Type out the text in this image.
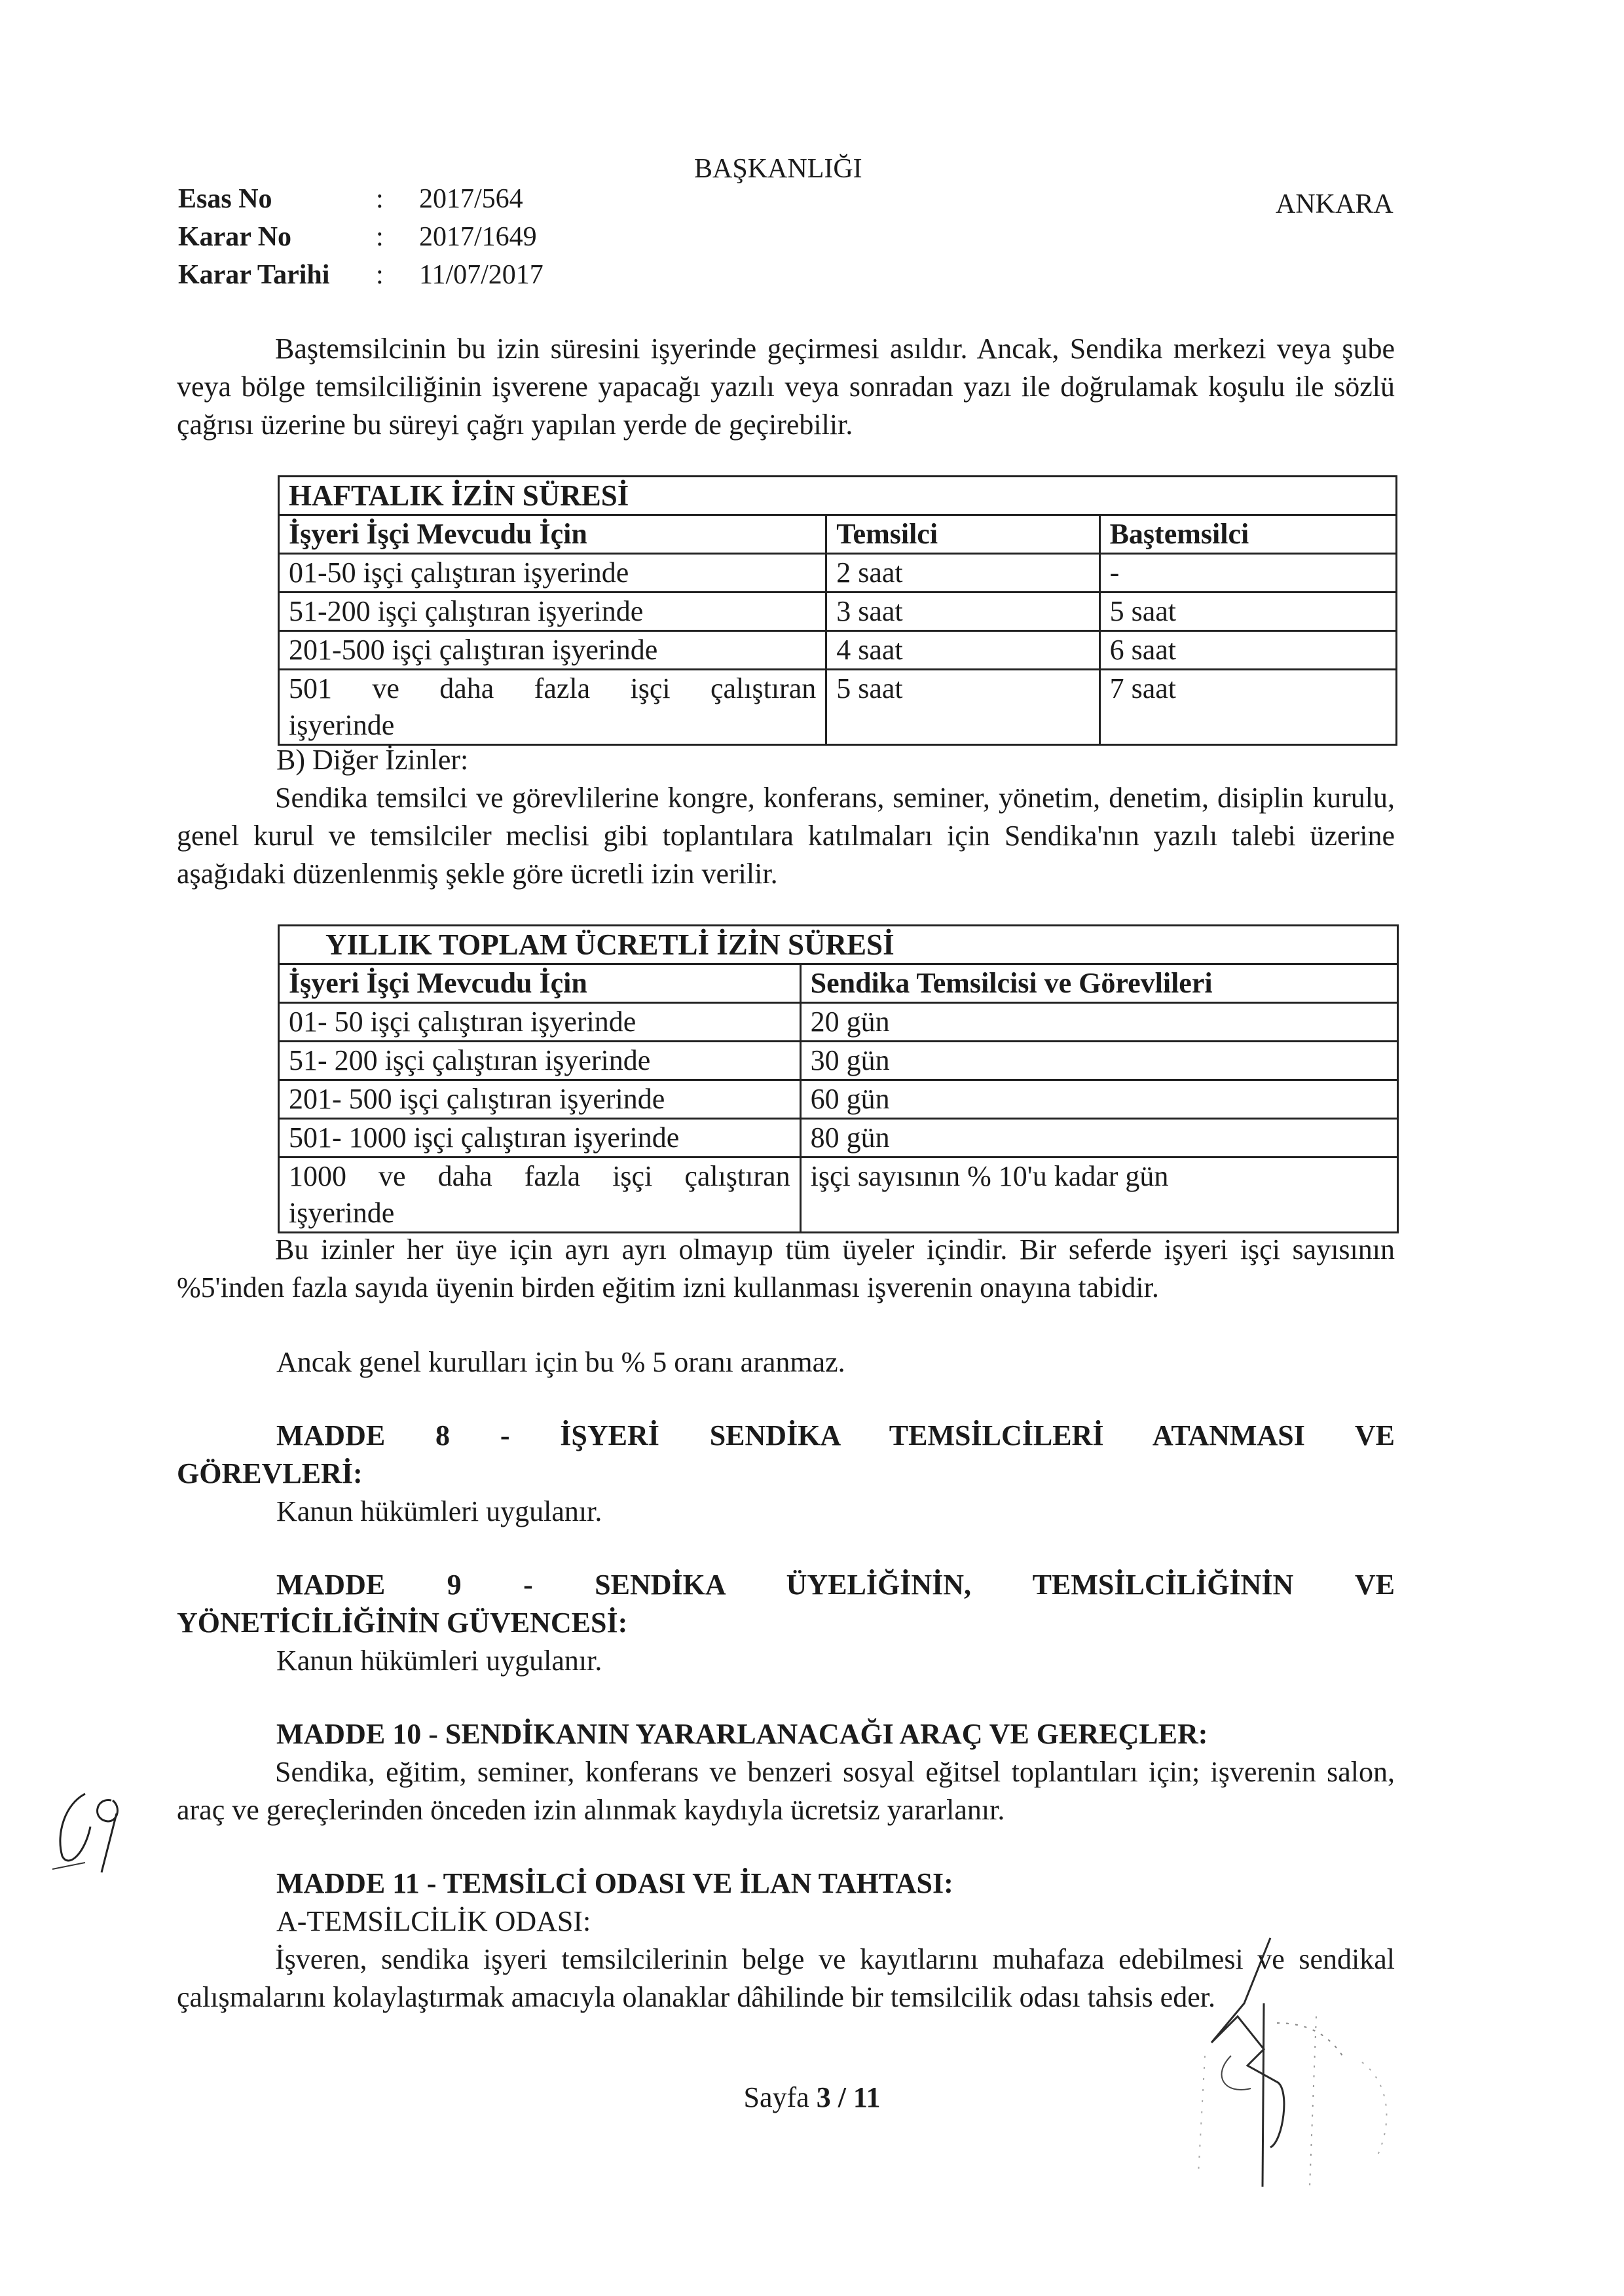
BAŞKANLIĞI
ANKARA
Esas No	: 2017/564
Karar No	: 2017/1649
Karar Tarihi : 11/07/2017

Baştemsilcinin bu izin süresini işyerinde geçirmesi asıldır. Ancak, Sendika merkezi veya şube veya bölge temsilciliğinin işverene yapacağı yazılı veya sonradan yazı ile doğrulamak koşulu ile sözlü çağrısı üzerine bu süreyi çağrı yapılan yerde de geçirebilir.

HAFTALIK İZİN SÜRESİ		
İşyeri İşçi Mevcudu İçin	Temsilci	Baştemsilci
01-50 işçi çalıştıran işyerinde	2 saat	-
51-200 işçi çalıştıran işyerinde	3 saat	5 saat
201-500 işçi çalıştıran işyerinde	4 saat	6 saat

501 ve daha fazla işçi çalıştıran
işyerinde	5 saat	7 saat
B) Diğer İzinler:

Sendika temsilci ve görevlilerine kongre, konferans, seminer, yönetim, denetim, disiplin kurulu, genel kurul ve temsilciler meclisi gibi toplantılara katılmaları için Sendika'nın yazılı talebi üzerine aşağıdaki düzenlenmiş şekle göre ücretli izin verilir.

YILLIK TOPLAM ÜCRETLİ İZİN SÜRESİ	
İşyeri İşçi Mevcudu İçin	Sendika Temsilcisi ve Görevlileri
01- 50 işçi çalıştıran işyerinde	20 gün
51- 200 işçi çalıştıran işyerinde	30 gün
201- 500 işçi çalıştıran işyerinde	60 gün
501- 1000 işçi çalıştıran işyerinde	80 gün

1000 ve daha fazla işçi çalıştıran
işyerinde	işçi sayısının % 10'u kadar gün

Bu izinler her üye için ayrı ayrı olmayıp tüm üyeler içindir. Bir seferde işyeri işçi sayısının %5'inden fazla sayıda üyenin birden eğitim izni kullanması işverenin onayına tabidir.

Ancak genel kurulları için bu % 5 oranı aranmaz.
MADDE 8 - İŞYERİ SENDİKA TEMSİLCİLERİ ATANMASI VE
GÖREVLERİ:
Kanun hükümleri uygulanır.
MADDE 9 - SENDİKA ÜYELİĞİNİN, TEMSİLCİLİĞİNİN VE
YÖNETİCİLİĞİNİN GÜVENCESİ:
Kanun hükümleri uygulanır.
MADDE 10 - SENDİKANIN YARARLANACAĞI ARAÇ VE GEREÇLER:

Sendika, eğitim, seminer, konferans ve benzeri sosyal eğitsel toplantıları için; işverenin salon, araç ve gereçlerinden önceden izin alınmak kaydıyla ücretsiz yararlanır.

MADDE 11 - TEMSİLCİ ODASI VE İLAN TAHTASI:
A-TEMSİLCİLİK ODASI:

İşveren, sendika işyeri temsilcilerinin belge ve kayıtlarını muhafaza edebilmesi ve sendikal çalışmalarını kolaylaştırmak amacıyla olanaklar dâhilinde bir temsilcilik odası tahsis eder.

Sayfa 3 / 11
